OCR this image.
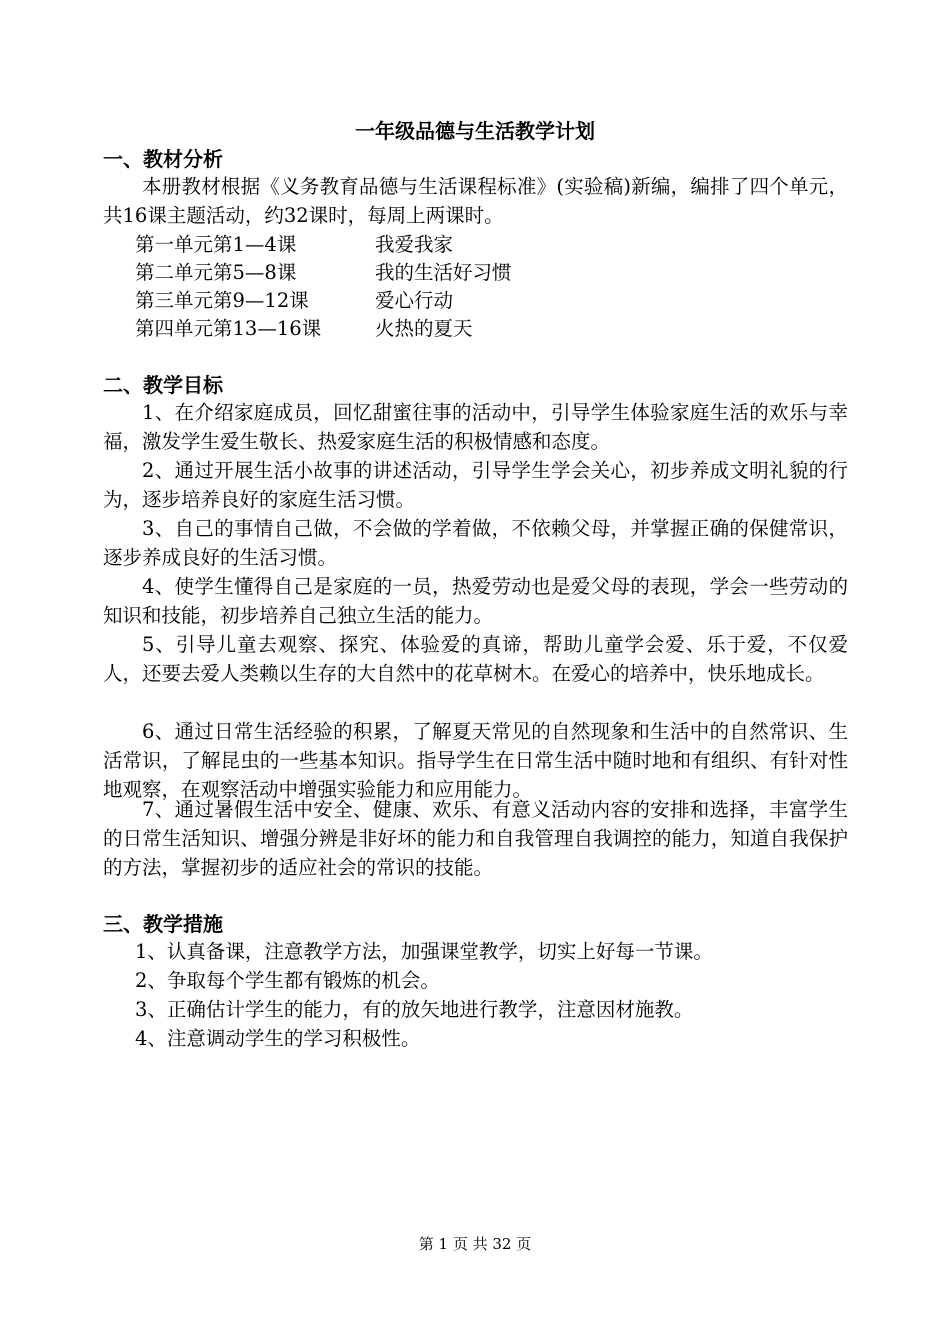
一年级品德与生活教学计划
一、教材分析

本册教材根据《义务教育品德与生活课程标准》(实验稿)新编，编排了四个单元，共16课主题活动，约32课时，每周上两课时。

第一单元第1—4课	我爱我家
第二单元第5—8课	我的生活好习惯
第三单元第9—12课	爱心行动
第四单元第13—16课	火热的夏天
二、教学目标

1、在介绍家庭成员，回忆甜蜜往事的活动中，引导学生体验家庭生活的欢乐与幸福，激发学生爱生敬长、热爱家庭生活的积极情感和态度。

2、通过开展生活小故事的讲述活动，引导学生学会关心，初步养成文明礼貌的行为，逐步培养良好的家庭生活习惯。

3、自己的事情自己做，不会做的学着做，不依赖父母，并掌握正确的保健常识，逐步养成良好的生活习惯。

4、使学生懂得自己是家庭的一员，热爱劳动也是爱父母的表现，学会一些劳动的知识和技能，初步培养自己独立生活的能力。

5、引导儿童去观察、探究、体验爱的真谛，帮助儿童学会爱、乐于爱，不仅爱人，还要去爱人类赖以生存的大自然中的花草树木。在爱心的培养中，快乐地成长。

6、通过日常生活经验的积累，了解夏天常见的自然现象和生活中的自然常识、生活常识，了解昆虫的一些基本知识。指导学生在日常生活中随时地和有组织、有针对性地观察，在观察活动中增强实验能力和应用能力。

7、通过暑假生活中安全、健康、欢乐、有意义活动内容的安排和选择，丰富学生的日常生活知识、增强分辨是非好坏的能力和自我管理自我调控的能力，知道自我保护的方法，掌握初步的适应社会的常识的技能。

三、教学措施
1、认真备课，注意教学方法，加强课堂教学，切实上好每一节课。
2、争取每个学生都有锻炼的机会。
3、正确估计学生的能力，有的放矢地进行教学，注意因材施教。
4、注意调动学生的学习积极性。
第 1 页 共 32 页
